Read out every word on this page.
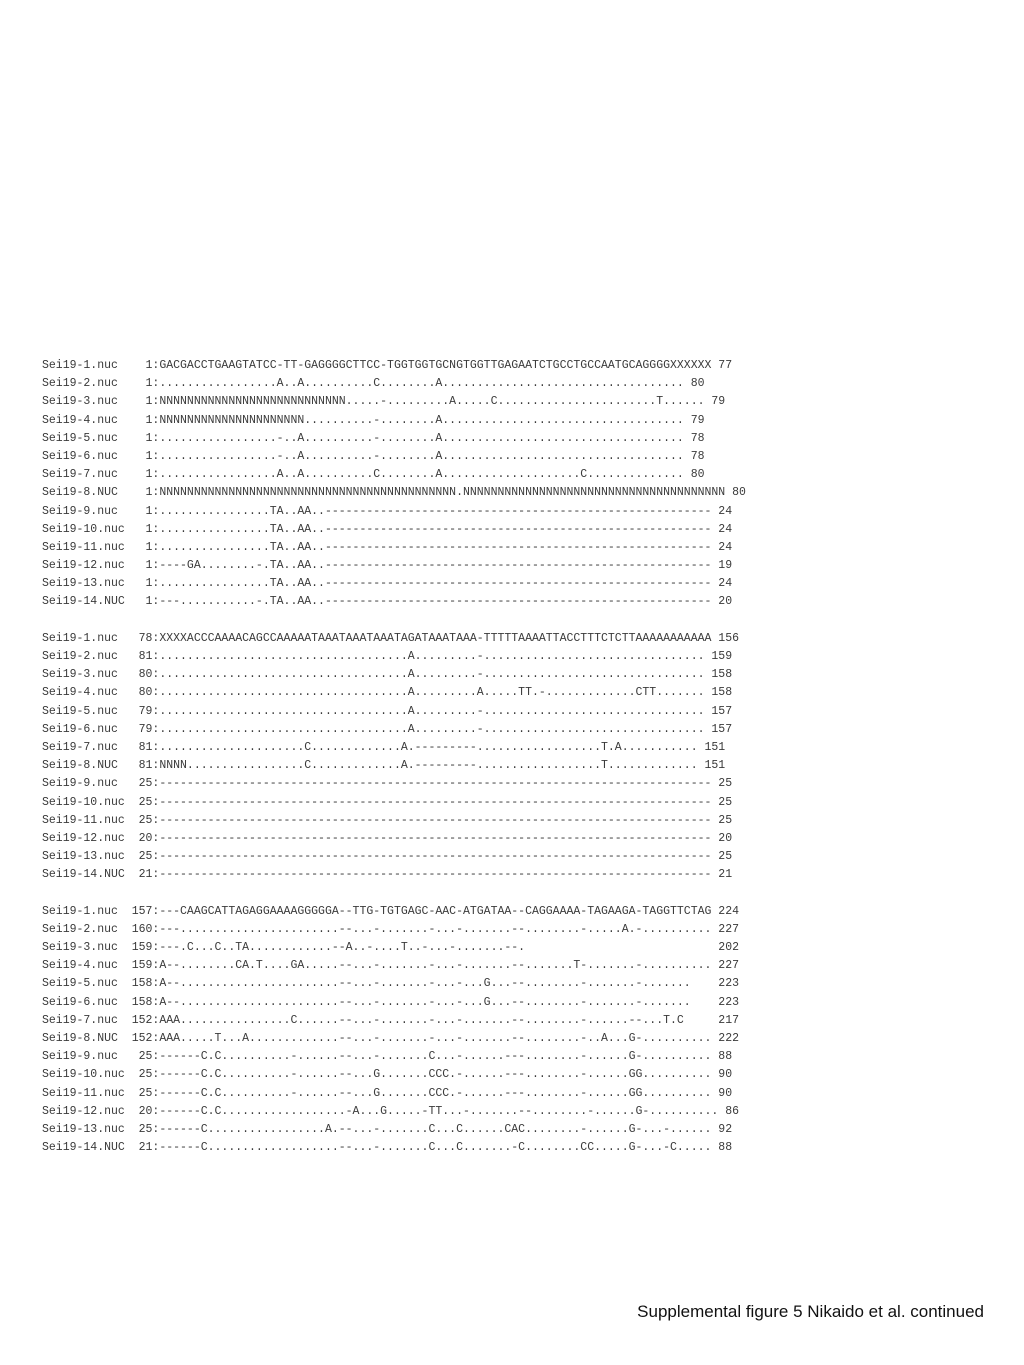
Sei19-1.nuc    1:GACGACCTGAAGTATCC-TT-GAGGGGCTTCC-TGGTGGTGCNGTGGTTGAGAATCTGCCTGCCAATGCAGGGGXXXXXX 77
Sei19-2.nuc    1:.................A..A..........C........A................................... 80
Sei19-3.nuc    1:NNNNNNNNNNNNNNNNNNNNNNNNNNN.....-.........A.....C.......................T...... 79
Sei19-4.nuc    1:NNNNNNNNNNNNNNNNNNNNN..........-........A................................... 79
Sei19-5.nuc    1:.................-..A..........-........A................................... 78
Sei19-6.nuc    1:.................-..A..........-........A................................... 78
Sei19-7.nuc    1:.................A..A..........C........A....................C.............. 80
Sei19-8.NUC    1:NNNNNNNNNNNNNNNNNNNNNNNNNNNNNNNNNNNNNNNNNNN.NNNNNNNNNNNNNNNNNNNNNNNNNNNNNNNNNNNNNN 80
Sei19-9.nuc    1:................TA..AA..-------------------------------------------------------- 24
Sei19-10.nuc   1:................TA..AA..-------------------------------------------------------- 24
Sei19-11.nuc   1:................TA..AA..-------------------------------------------------------- 24
Sei19-12.nuc   1:----GA........-.TA..AA..-------------------------------------------------------- 19
Sei19-13.nuc   1:................TA..AA..-------------------------------------------------------- 24
Sei19-14.NUC   1:---...........-.TA..AA..-------------------------------------------------------- 20
Sei19-1.nuc   78:XXXXACCCAAAACAGCCAAAAATAAATAAATAAATAGATAAATAAA-TTTTTAAAATTACCTTTCTCTTAAAAAAAAAAA 156
Sei19-2.nuc   81:....................................A.........-................................ 159
Sei19-3.nuc   80:....................................A.........-................................ 158
Sei19-4.nuc   80:....................................A.........A.....TT.-.............CTT....... 158
Sei19-5.nuc   79:....................................A.........-................................ 157
Sei19-6.nuc   79:....................................A.........-................................ 157
Sei19-7.nuc   81:.....................C.............A.---------..................T.A........... 151
Sei19-8.NUC   81:NNNN.................C.............A.---------..................T............. 151
Sei19-9.nuc   25:-------------------------------------------------------------------------------- 25
Sei19-10.nuc  25:-------------------------------------------------------------------------------- 25
Sei19-11.nuc  25:-------------------------------------------------------------------------------- 25
Sei19-12.nuc  20:-------------------------------------------------------------------------------- 20
Sei19-13.nuc  25:-------------------------------------------------------------------------------- 25
Sei19-14.NUC  21:-------------------------------------------------------------------------------- 21
Sei19-1.nuc  157:---CAAGCATTAGAGGAAAAGGGGGA--TTG-TGTGAGC-AAC-ATGATAA--CAGGAAAA-TAGAAGA-TAGGTTCTAG 224
Sei19-2.nuc  160:---.......................--...-.......-...-.......--........-.....A.-.......... 227
Sei19-3.nuc  159:---.C...C..TA............--A..-....T..-...-.......--.                            202
Sei19-4.nuc  159:A--........CA.T....GA.....--...-.......-...-.......--.......T-.......-.......... 227
Sei19-5.nuc  158:A--.......................--...-.......-...-...G...--........-.......-.......    223
Sei19-6.nuc  158:A--.......................--...-.......-...-...G...--........-.......-.......    223
Sei19-7.nuc  152:AAA................C......--...-.......-...-.......--........-......--...T.C     217
Sei19-8.NUC  152:AAA.....T...A.............--...-.......-...-.......--........-..A...G-.......... 222
Sei19-9.nuc   25:------C.C..........-......--...-.......C...-......---........-......G-.......... 88
Sei19-10.nuc  25:------C.C..........-......--...G.......CCC.-......---........-......GG.......... 90
Sei19-11.nuc  25:------C.C..........-......--...G.......CCC.-......---........-......GG.......... 90
Sei19-12.nuc  20:------C.C..................-A...G.....-TT...-.......--........-......G-.......... 86
Sei19-13.nuc  25:------C.................A.--...-.......C...C......CAC........-......G-...-...... 92
Sei19-14.NUC  21:------C...................--...-.......C...C.......-C........CC.....G-...-C..... 88
Supplemental figure 5 Nikaido et al. continued
